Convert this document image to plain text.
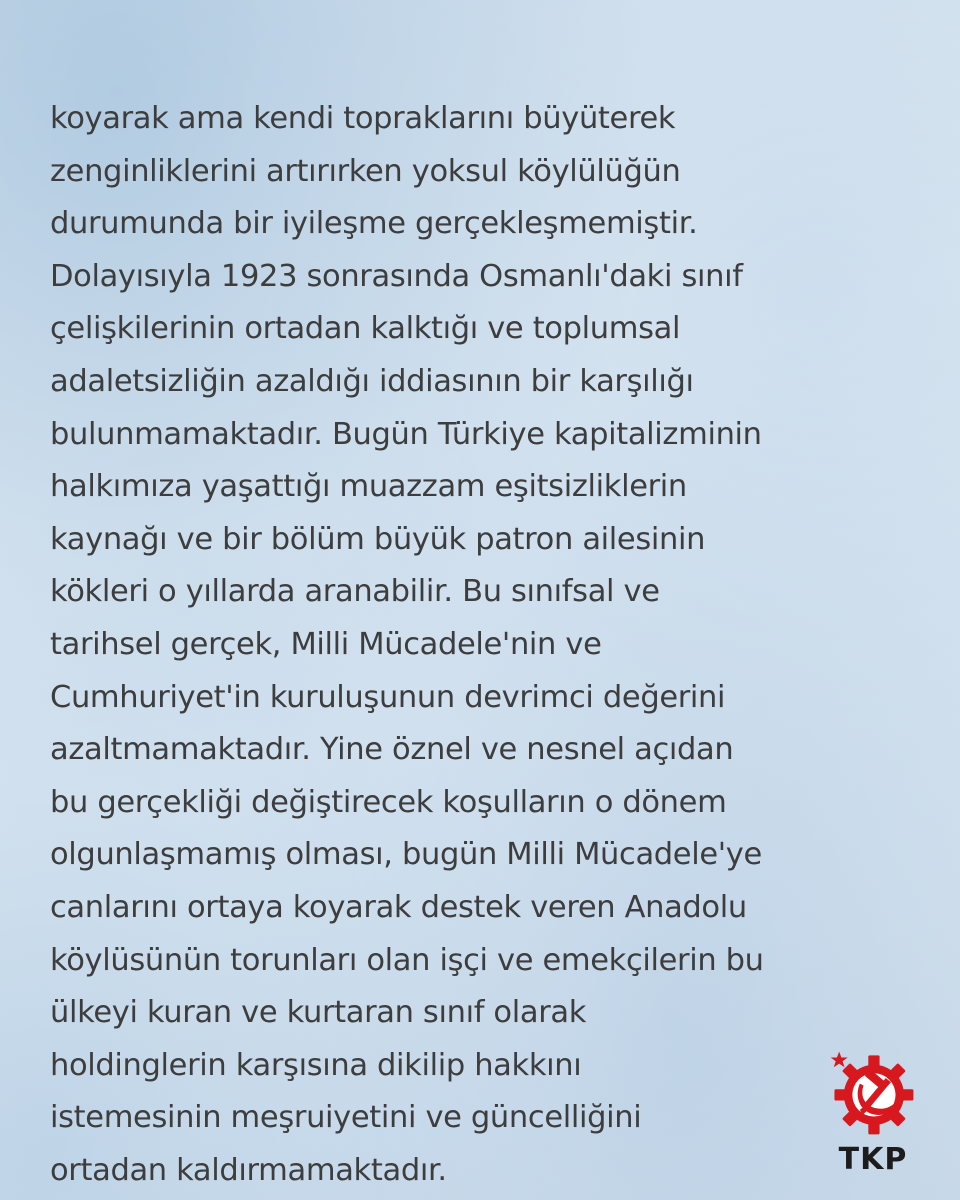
koyarak ama kendi topraklarını büyüterek
zenginliklerini artırırken yoksul köylülüğün
durumunda bir iyileşme gerçekleşmemiştir.
Dolayısıyla 1923 sonrasında Osmanlı'daki sınıf
çelişkilerinin ortadan kalktığı ve toplumsal
adaletsizliğin azaldığı iddiasının bir karşılığı
bulunmamaktadır. Bugün Türkiye kapitalizminin
halkımıza yaşattığı muazzam eşitsizliklerin
kaynağı ve bir bölüm büyük patron ailesinin
kökleri o yıllarda aranabilir. Bu sınıfsal ve
tarihsel gerçek, Milli Mücadele'nin ve
Cumhuriyet'in kuruluşunun devrimci değerini
azaltmamaktadır. Yine öznel ve nesnel açıdan
bu gerçekliği değiştirecek koşulların o dönem
olgunlaşmamış olması, bugün Milli Mücadele'ye
canlarını ortaya koyarak destek veren Anadolu
köylüsünün torunları olan işçi ve emekçilerin bu
ülkeyi kuran ve kurtaran sınıf olarak
holdinglerin karşısına dikilip hakkını
istemesinin meşruiyetini ve güncelliğini
ortadan kaldırmamaktadır.	TKP
